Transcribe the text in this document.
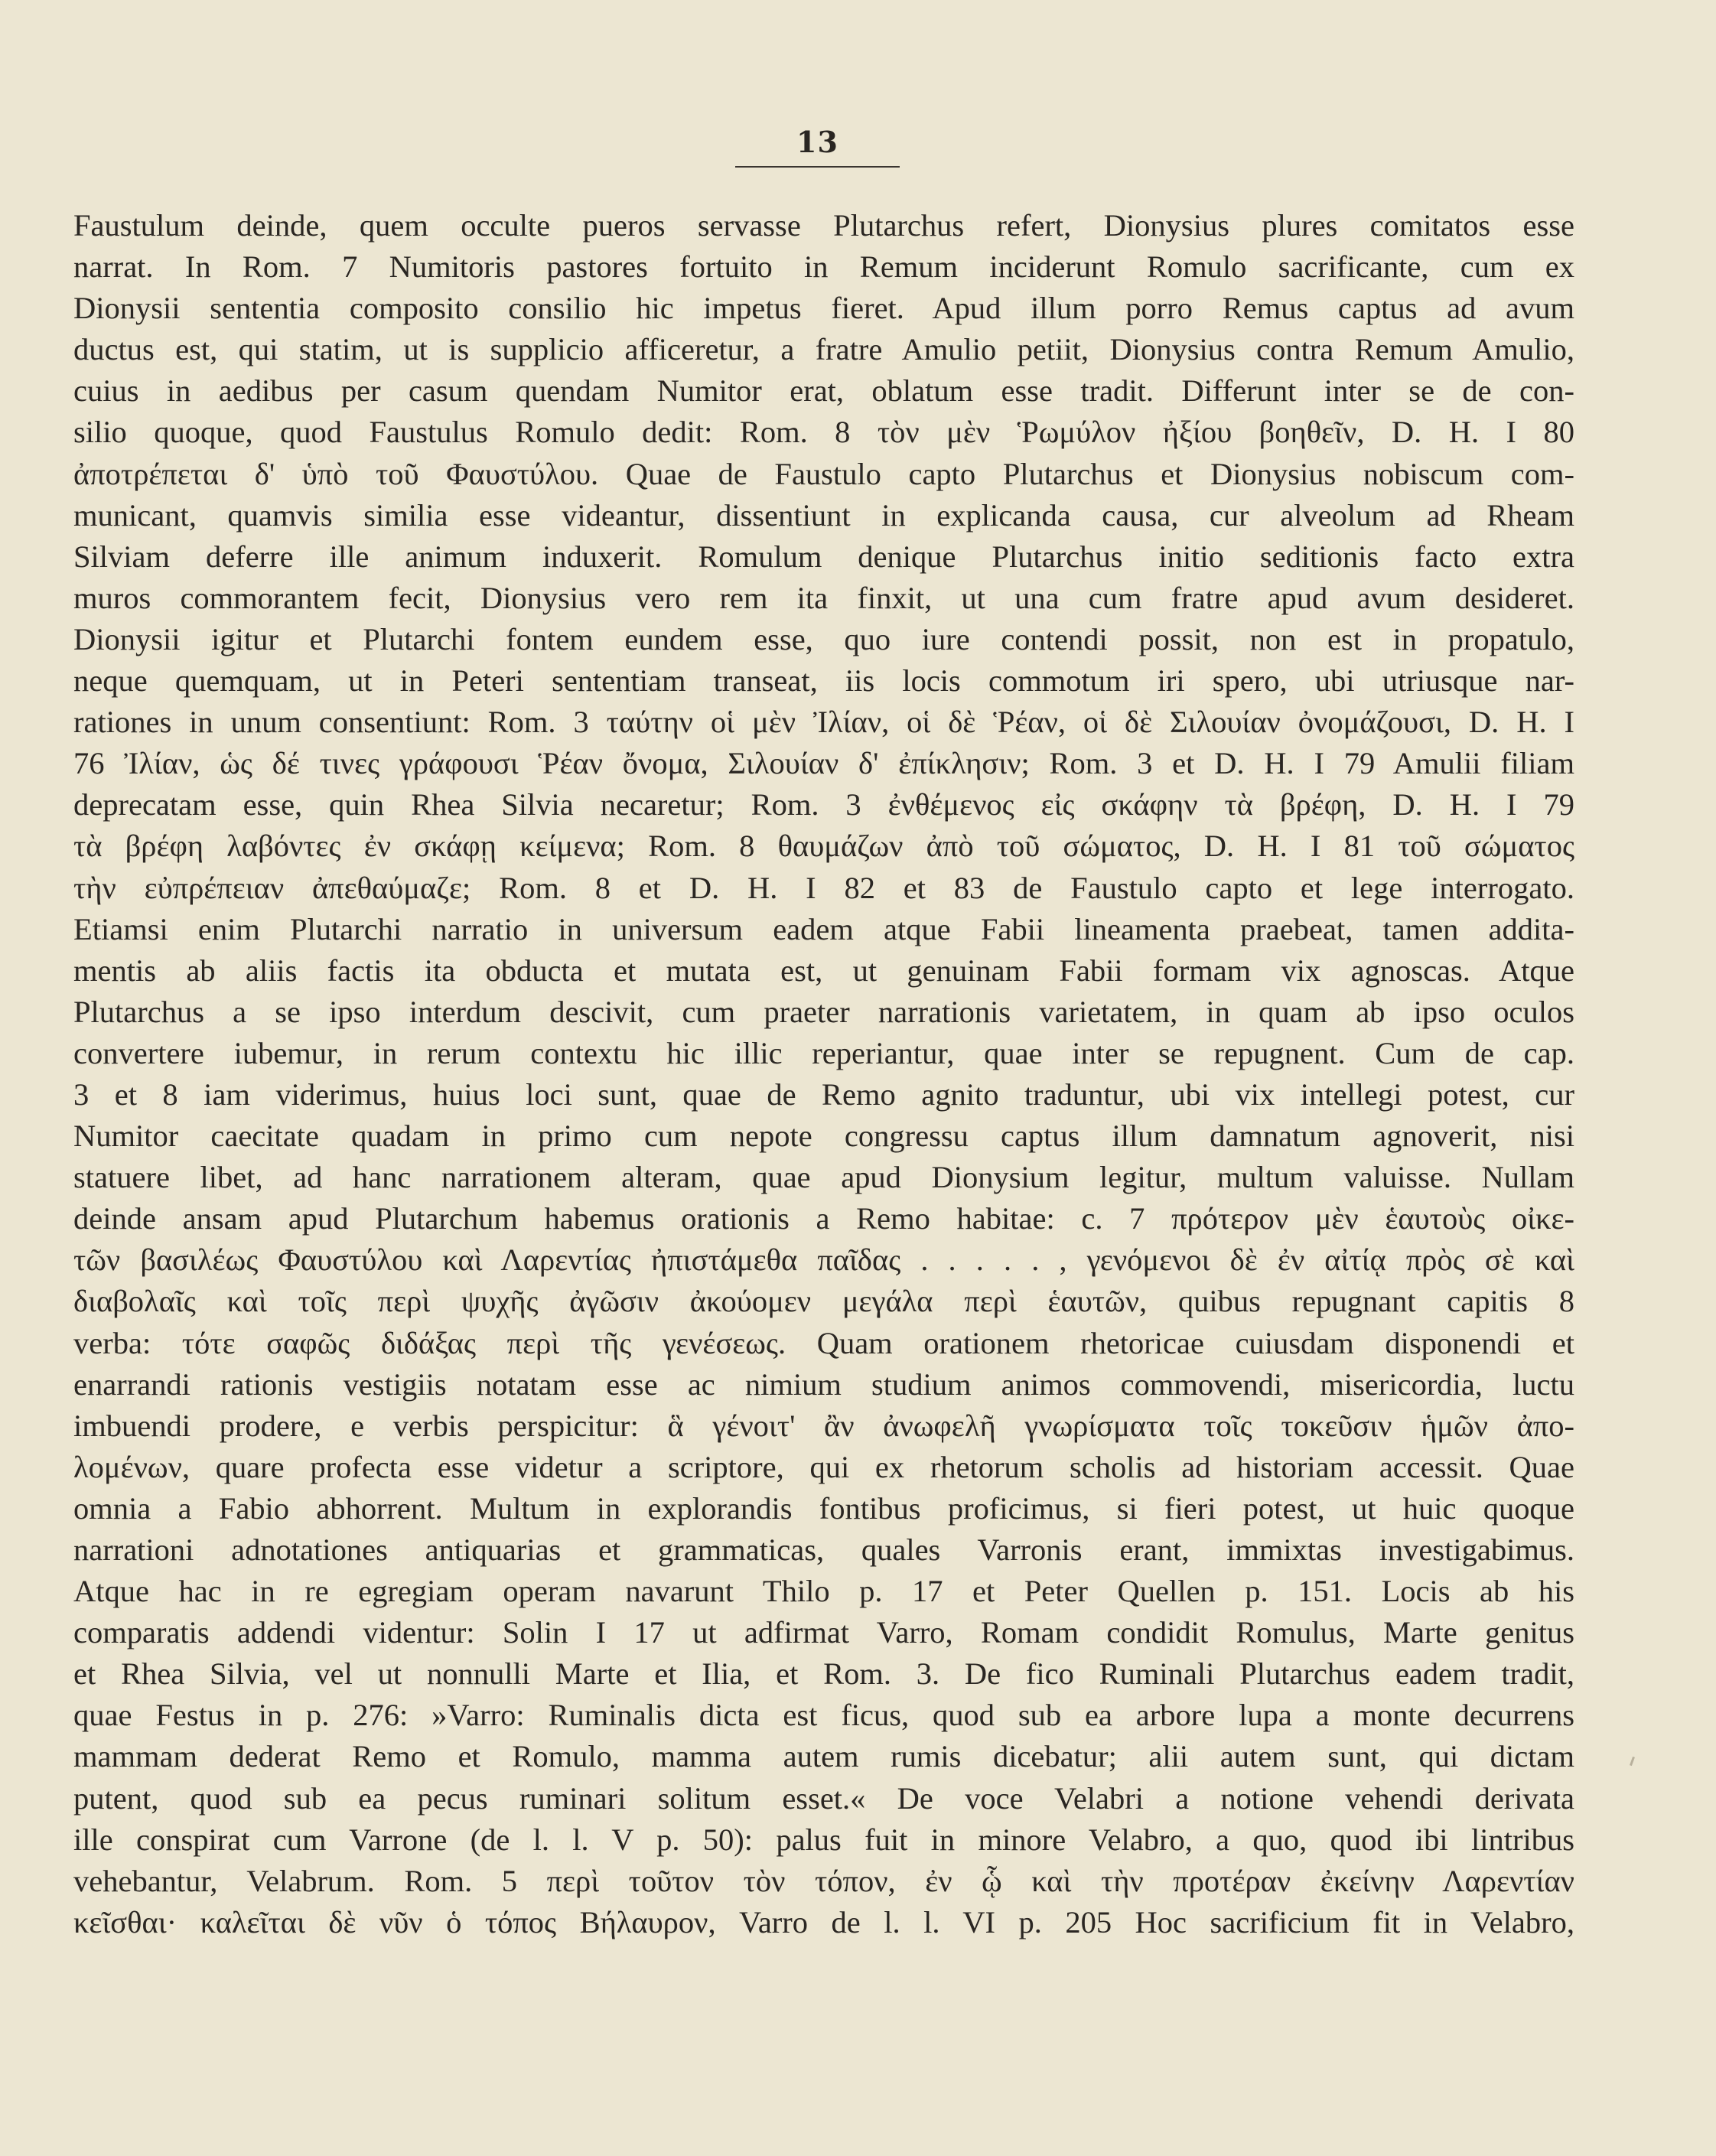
13
Faustulum deinde, quem occulte pueros servasse Plutarchus refert, Dionysius plures comitatos esse
narrat. In Rom. 7 Numitoris pastores fortuito in Remum inciderunt Romulo sacrificante, cum ex
Dionysii sententia composito consilio hic impetus fieret. Apud illum porro Remus captus ad avum
ductus est, qui statim, ut is supplicio afficeretur, a fratre Amulio petiit, Dionysius contra Remum Amulio,
cuius in aedibus per casum quendam Numitor erat, oblatum esse tradit. Differunt inter se de con-
silio quoque, quod Faustulus Romulo dedit: Rom. 8 τὸν μὲν Ῥωμύλον ἠξίου βοηθεῖν, D. H. I 80
ἀποτρέπεται δ' ὑπὸ τοῦ Φαυστύλου. Quae de Faustulo capto Plutarchus et Dionysius nobiscum com-
municant, quamvis similia esse videantur, dissentiunt in explicanda causa, cur alveolum ad Rheam
Silviam deferre ille animum induxerit. Romulum denique Plutarchus initio seditionis facto extra
muros commorantem fecit, Dionysius vero rem ita finxit, ut una cum fratre apud avum desideret.
Dionysii igitur et Plutarchi fontem eundem esse, quo iure contendi possit, non est in propatulo,
neque quemquam, ut in Peteri sententiam transeat, iis locis commotum iri spero, ubi utriusque nar-
rationes in unum consentiunt: Rom. 3 ταύτην οἱ μὲν Ἰλίαν, οἱ δὲ Ῥέαν, οἱ δὲ Σιλουίαν ὀνομάζουσι, D. H. I
76 Ἰλίαν, ὡς δέ τινες γράφουσι Ῥέαν ὄνομα, Σιλουίαν δ' ἐπίκλησιν; Rom. 3 et D. H. I 79 Amulii filiam
deprecatam esse, quin Rhea Silvia necaretur; Rom. 3 ἐνθέμενος εἰς σκάφην τὰ βρέφη, D. H. I 79
τὰ βρέφη λαβόντες ἐν σκάφῃ κείμενα; Rom. 8 θαυμάζων ἀπὸ τοῦ σώματος, D. H. I 81 τοῦ σώματος
τὴν εὐπρέπειαν ἀπεθαύμαζε; Rom. 8 et D. H. I 82 et 83 de Faustulo capto et lege interrogato.
Etiamsi enim Plutarchi narratio in universum eadem atque Fabii lineamenta praebeat, tamen addita-
mentis ab aliis factis ita obducta et mutata est, ut genuinam Fabii formam vix agnoscas. Atque
Plutarchus a se ipso interdum descivit, cum praeter narrationis varietatem, in quam ab ipso oculos
convertere iubemur, in rerum contextu hic illic reperiantur, quae inter se repugnent. Cum de cap.
3 et 8 iam viderimus, huius loci sunt, quae de Remo agnito traduntur, ubi vix intellegi potest, cur
Numitor caecitate quadam in primo cum nepote congressu captus illum damnatum agnoverit, nisi
statuere libet, ad hanc narrationem alteram, quae apud Dionysium legitur, multum valuisse. Nullam
deinde ansam apud Plutarchum habemus orationis a Remo habitae: c. 7 πρότερον μὲν ἑαυτοὺς οἰκε-
τῶν βασιλέως Φαυστύλου καὶ Λαρεντίας ἠπιστάμεθα παῖδας . . . . . , γενόμενοι δὲ ἐν αἰτίᾳ πρὸς σὲ καὶ
διαβολαῖς καὶ τοῖς περὶ ψυχῆς ἀγῶσιν ἀκούομεν μεγάλα περὶ ἑαυτῶν, quibus repugnant capitis 8
verba: τότε σαφῶς διδάξας περὶ τῆς γενέσεως. Quam orationem rhetoricae cuiusdam disponendi et
enarrandi rationis vestigiis notatam esse ac nimium studium animos commovendi, misericordia, luctu
imbuendi prodere, e verbis perspicitur: ἃ γένοιτ' ἂν ἀνωφελῆ γνωρίσματα τοῖς τοκεῦσιν ἡμῶν ἀπο-
λομένων, quare profecta esse videtur a scriptore, qui ex rhetorum scholis ad historiam accessit. Quae
omnia a Fabio abhorrent. Multum in explorandis fontibus proficimus, si fieri potest, ut huic quoque
narrationi adnotationes antiquarias et grammaticas, quales Varronis erant, immixtas investigabimus.
Atque hac in re egregiam operam navarunt Thilo p. 17 et Peter Quellen p. 151. Locis ab his
comparatis addendi videntur: Solin I 17 ut adfirmat Varro, Romam condidit Romulus, Marte genitus
et Rhea Silvia, vel ut nonnulli Marte et Ilia, et Rom. 3. De fico Ruminali Plutarchus eadem tradit,
quae Festus in p. 276: »Varro: Ruminalis dicta est ficus, quod sub ea arbore lupa a monte decurrens
mammam dederat Remo et Romulo, mamma autem rumis dicebatur; alii autem sunt, qui dictam
putent, quod sub ea pecus ruminari solitum esset.« De voce Velabri a notione vehendi derivata
ille conspirat cum Varrone (de l. l. V p. 50): palus fuit in minore Velabro, a quo, quod ibi lintribus
vehebantur, Velabrum. Rom. 5 περὶ τοῦτον τὸν τόπον, ἐν ᾧ καὶ τὴν προτέραν ἐκείνην Λαρεντίαν
κεῖσθαι· καλεῖται δὲ νῦν ὁ τόπος Βήλαυρον, Varro de l. l. VI p. 205 Hoc sacrificium fit in Velabro,
